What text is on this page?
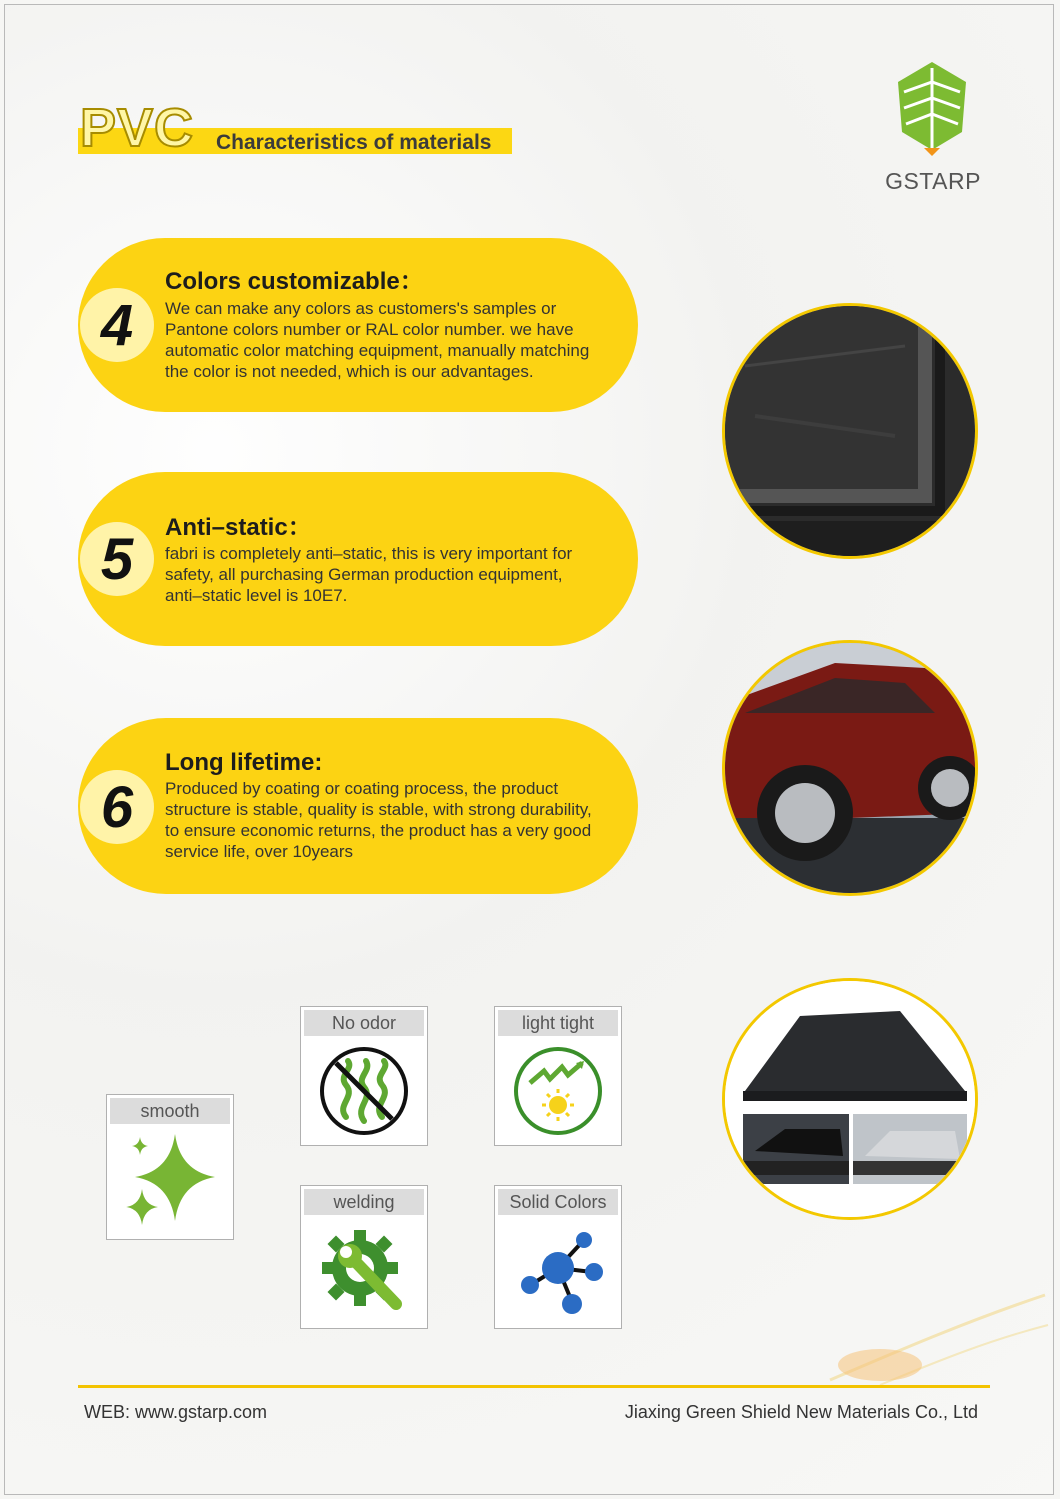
PVC Characteristics of materials
GSTARP
4
Colors customizable：
We can make any colors as customers's samples or
Pantone colors number or RAL color number. we have
automatic color matching equipment, manually matching
the color is not needed, which is our advantages.
5	Anti–static：
fabri is completely anti–static, this is very important for
safety, all purchasing German production equipment,
anti–static level is 10E7.
6
Long lifetime:
Produced by coating or coating process, the product
structure is stable, quality is stable, with strong durability,
to ensure economic returns, the product has a very good
service life, over 10years
smooth
No odor	light tight
welding	Solid Colors
WEB: www.gstarp.com	Jiaxing Green Shield New Materials Co., Ltd
